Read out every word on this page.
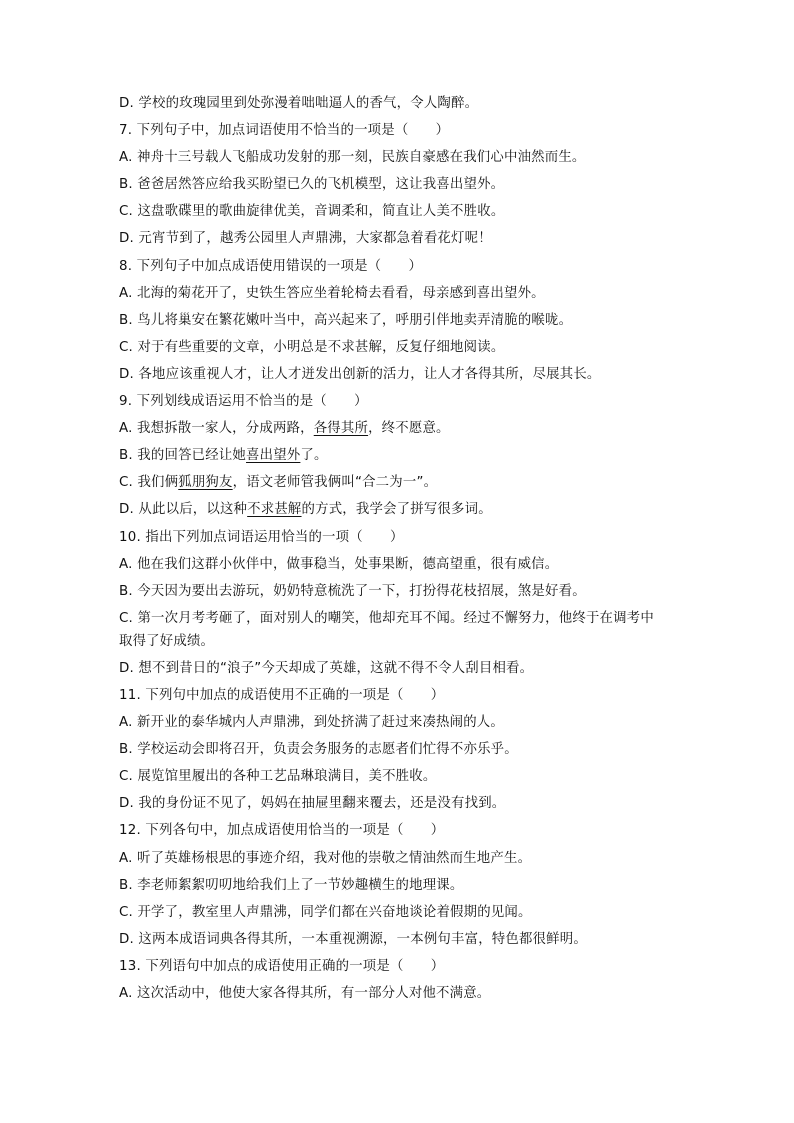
D. 学校的玫瑰园里到处弥漫着咄咄逼人的香气，令人陶醉。
7. 下列句子中，加点词语使用不恰当的一项是（　　）
A. 神舟十三号载人飞船成功发射的那一刻，民族自豪感在我们心中油然而生。
B. 爸爸居然答应给我买盼望已久的飞机模型，这让我喜出望外。
C. 这盘歌碟里的歌曲旋律优美，音调柔和，简直让人美不胜收。
D. 元宵节到了，越秀公园里人声鼎沸，大家都急着看花灯呢！
8. 下列句子中加点成语使用错误的一项是（　　）
A. 北海的菊花开了，史铁生答应坐着轮椅去看看，母亲感到喜出望外。
B. 鸟儿将巢安在繁花嫩叶当中，高兴起来了，呼朋引伴地卖弄清脆的喉咙。
C. 对于有些重要的文章，小明总是不求甚解，反复仔细地阅读。
D. 各地应该重视人才，让人才迸发出创新的活力，让人才各得其所，尽展其长。
9. 下列划线成语运用不恰当的是（　　）
A. 我想拆散一家人，分成两路，各得其所，终不愿意。
B. 我的回答已经让她喜出望外了。
C. 我们俩狐朋狗友，语文老师管我俩叫“合二为一”。
D. 从此以后，以这种不求甚解的方式，我学会了拼写很多词。
10. 指出下列加点词语运用恰当的一项（　　）
A. 他在我们这群小伙伴中，做事稳当，处事果断，德高望重，很有威信。
B. 今天因为要出去游玩，奶奶特意梳洗了一下，打扮得花枝招展，煞是好看。
C. 第一次月考考砸了，面对别人的嘲笑，他却充耳不闻。经过不懈努力，他终于在调考中
取得了好成绩。
D. 想不到昔日的“浪子”今天却成了英雄，这就不得不令人刮目相看。
11. 下列句中加点的成语使用不正确的一项是（　　）
A. 新开业的泰华城内人声鼎沸，到处挤满了赶过来凑热闹的人。
B. 学校运动会即将召开，负责会务服务的志愿者们忙得不亦乐乎。
C. 展览馆里履出的各种工艺品琳琅满目，美不胜收。
D. 我的身份证不见了，妈妈在抽屉里翻来覆去，还是没有找到。
12. 下列各句中，加点成语使用恰当的一项是（　　）
A. 听了英雄杨根思的事迹介绍，我对他的崇敬之情油然而生地产生。
B. 李老师絮絮叨叨地给我们上了一节妙趣横生的地理课。
C. 开学了，教室里人声鼎沸，同学们都在兴奋地谈论着假期的见闻。
D. 这两本成语词典各得其所，一本重视溯源，一本例句丰富，特色都很鲜明。
13. 下列语句中加点的成语使用正确的一项是（　　）
A. 这次活动中，他使大家各得其所，有一部分人对他不满意。
